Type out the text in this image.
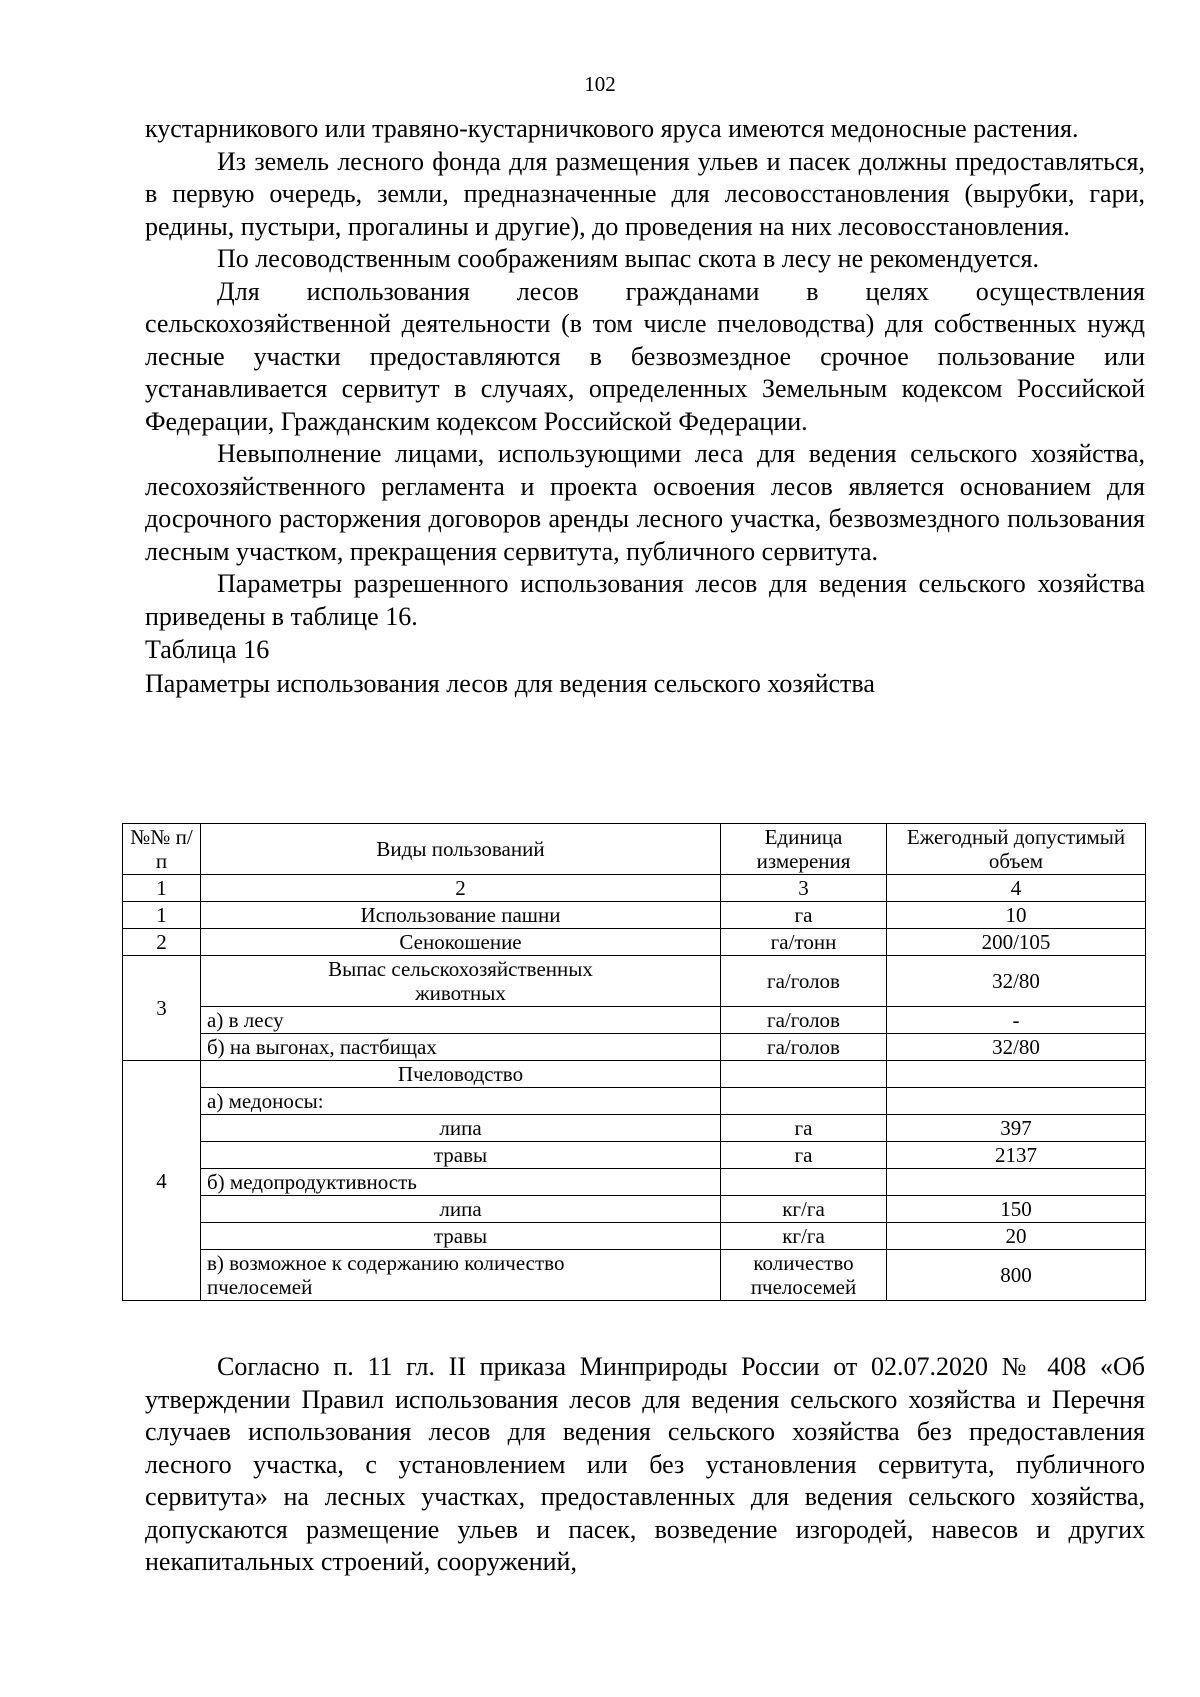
102

кустарникового или травяно-кустарничкового яруса имеются медоносные растения.

Из земель лесного фонда для размещения ульев и пасек должны предоставляться, в первую очередь, земли, предназначенные для лесовосстановления (вырубки, гари, редины, пустыри, прогалины и другие), до проведения на них лесовосстановления.

По лесоводственным соображениям выпас скота в лесу не рекомендуется.

Для использования лесов гражданами в целях осуществления сельскохозяйственной деятельности (в том числе пчеловодства) для собственных нужд лесные участки предоставляются в безвозмездное срочное пользование или устанавливается сервитут в случаях, определенных Земельным кодексом Российской Федерации, Гражданским кодексом Российской Федерации.

Невыполнение лицами, использующими леса для ведения сельского хозяйства, лесохозяйственного регламента и проекта освоения лесов является основанием для досрочного расторжения договоров аренды лесного участка, безвозмездного пользования лесным участком, прекращения сервитута, публичного сервитута.

Параметры разрешенного использования лесов для ведения сельского хозяйства приведены в таблице 16.

Таблица 16

Параметры использования лесов для ведения сельского хозяйства

№№ п/п	Виды пользований	Единица измерения	Ежегодный допустимый объем
1	2	3	4
1	Использование пашни	га	10
2	Сенокошение	га/тонн	200/105
3	Выпас сельскохозяйственных животных	га/голов	32/80
	а) в лесу	га/голов	-
	б) на выгонах, пастбищах	га/голов	32/80
4	Пчеловодство		
	а) медоносы:		
	липа	га	397
	травы	га	2137
	б) медопродуктивность		
	липа	кг/га	150
	травы	кг/га	20
	в) возможное к содержанию количество пчелосемей	количество пчелосемей	800

Согласно п. 11 гл. II приказа Минприроды России от 02.07.2020 № 408 «Об утверждении Правил использования лесов для ведения сельского хозяйства и Перечня случаев использования лесов для ведения сельского хозяйства без предоставления лесного участка, с установлением или без установления сервитута, публичного сервитута» на лесных участках, предоставленных для ведения сельского хозяйства, допускаются размещение ульев и пасек, возведение изгородей, навесов и других некапитальных строений, сооружений,
